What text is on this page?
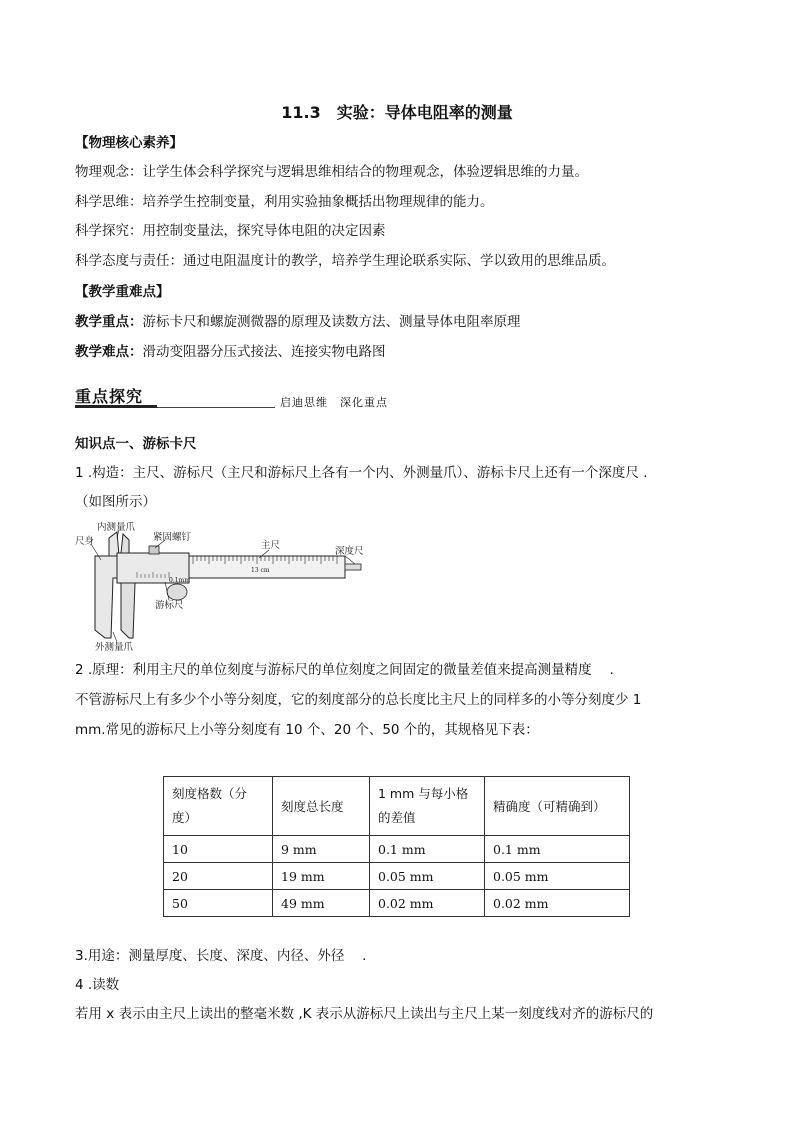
11.3　实验：导体电阻率的测量
【物理核心素养】
物理观念：让学生体会科学探究与逻辑思维相结合的物理观念，体验逻辑思维的力量。
科学思维：培养学生控制变量，利用实验抽象概括出物理规律的能力。
科学探究：用控制变量法，探究导体电阻的决定因素
科学态度与责任：通过电阻温度计的教学，培养学生理论联系实际、学以致用的思维品质。
【教学重难点】
教学重点：游标卡尺和螺旋测微器的原理及读数方法、测量导体电阻率原理
教学难点：滑动变阻器分压式接法、连接实物电路图
重点探究	启迪思维　深化重点
知识点一、游标卡尺
1 .构造：主尺、游标尺（主尺和游标尺上各有一个内、外测量爪）、游标卡尺上还有一个深度尺 .
（如图所示）
尺身
内测量爪
紧固螺钉
主尺
深度尺
13 cm
0.1mm
游标尺
外测量爪
2 .原理：利用主尺的单位刻度与游标尺的单位刻度之间固定的微量差值来提高测量精度　 .
不管游标尺上有多少个小等分刻度，它的刻度部分的总长度比主尺上的同样多的小等分刻度少 1
mm.常见的游标尺上小等分刻度有 10 个、20 个、50 个的，其规格见下表：
刻度格数（分度）	刻度总长度	1 mm 与每小格的差值	精确度（可精确到）
10	9 mm	0.1 mm	0.1 mm
20	19 mm	0.05 mm	0.05 mm
50	49 mm	0.02 mm	0.02 mm
3.用途：测量厚度、长度、深度、内径、外径　 .
4 .读数
若用 x 表示由主尺上读出的整毫米数 ,K 表示从游标尺上读出与主尺上某一刻度线对齐的游标尺的
